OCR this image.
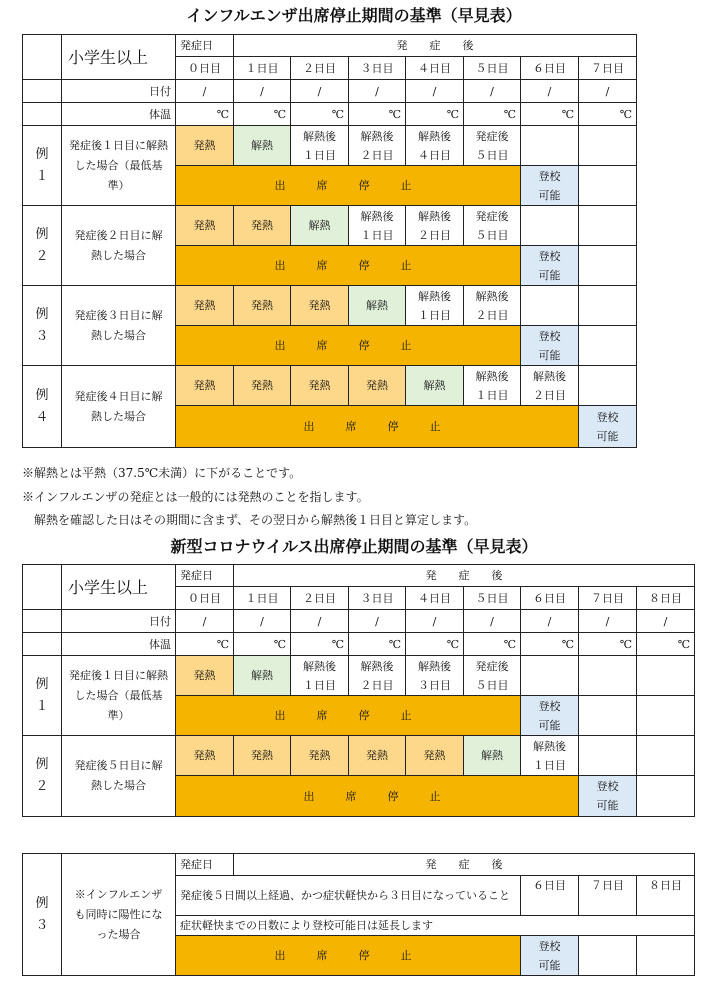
インフルエンザ出席停止期間の基準（早見表）
	小学生以上	発症日	発　　症　　後						
		０日目	１日目	２日目	３日目	４日目	５日目	６日目	７日目
	日付	/	/	/	/	/	/	/	/
	体温	℃	℃	℃	℃	℃	℃	℃	℃
例１	発症後１日目に解熱した場合（最低基準）	発熱	解熱	解熱後１日目	解熱後２日目	解熱後４日目	発症後５日目		
		出　席　停　止						登校可能	
例２	発症後２日目に解熱した場合	発熱	発熱	解熱	解熱後１日目	解熱後２日目	発症後５日目		
		出　席　停　止						登校可能	
例３	発症後３日目に解熱した場合	発熱	発熱	発熱	解熱	解熱後１日目	解熱後２日目		
		出　席　停　止						登校可能	
例４	発症後４日目に解熱した場合	発熱	発熱	発熱	発熱	解熱	解熱後１日目	解熱後２日目	
		出　席　停　止							登校可能

※解熱とは平熱（37.5℃未満）に下がることです。

※インフルエンザの発症とは一般的には発熱のことを指します。

　解熱を確認した日はその期間に含まず、その翌日から解熱後１日目と算定します。

新型コロナウイルス出席停止期間の基準（早見表）
	小学生以上	発症日	発　　症　　後							
		０日目	１日目	２日目	３日目	４日目	５日目	６日目	７日目	８日目
	日付	/	/	/	/	/	/	/	/	/
	体温	℃	℃	℃	℃	℃	℃	℃	℃	℃
例１	発症後１日目に解熱した場合（最低基準）	発熱	解熱	解熱後１日目	解熱後２日目	解熱後３日目	発症後５日目			
		出　席　停　止						登校可能		
例２	発症後５日目に解熱した場合	発熱	発熱	発熱	発熱	発熱	解熱	解熱後１日目		
		出　席　停　止							登校可能	
例３	※インフルエンザも同時に陽性になった場合	発症日	発　　症　　後			
		発症後５日間以上経過、かつ症状軽快から３日目になっていること		６日目	７日目	８日目
		症状軽快までの日数により登校可能日は延長します				
		出　席　停　止		登校可能		
